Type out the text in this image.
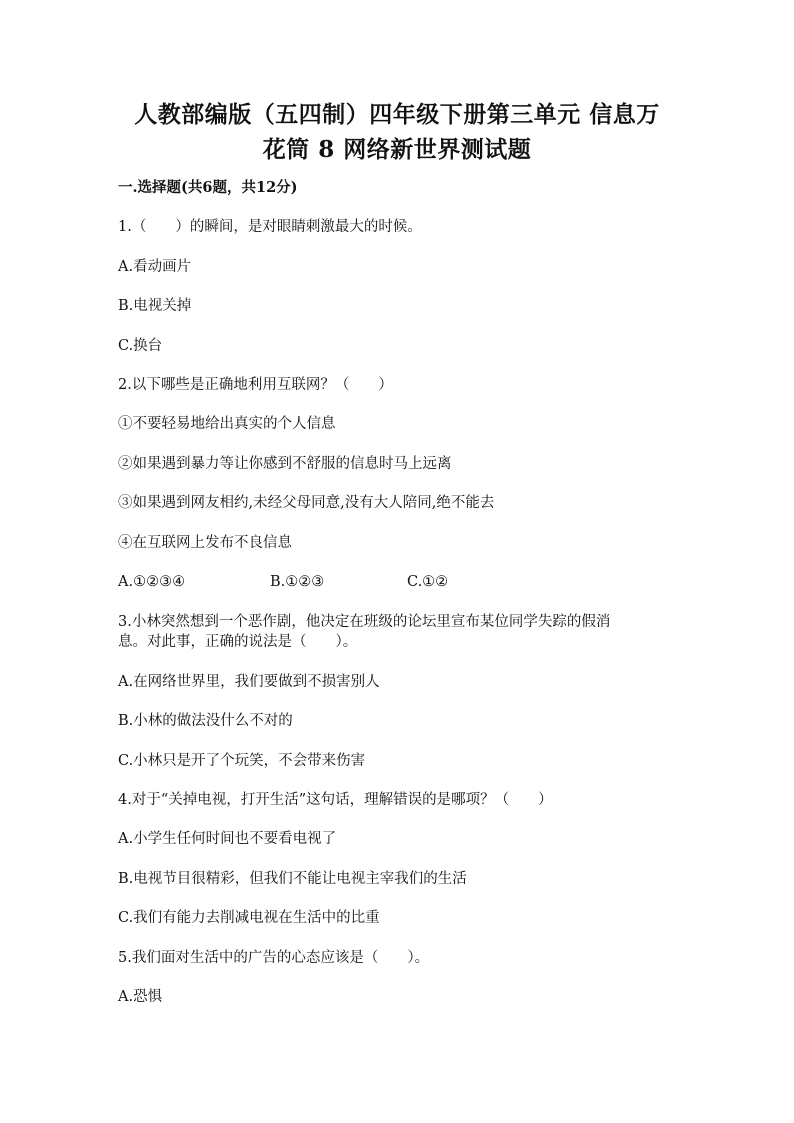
人教部编版（五四制）四年级下册第三单元 信息万
花筒 8 网络新世界测试题
一.选择题(共6题，共12分)
1.（　　）的瞬间，是对眼睛刺激最大的时候。
A.看动画片
B.电视关掉
C.换台
2.以下哪些是正确地利用互联网？（　　）
①不要轻易地给出真实的个人信息
②如果遇到暴力等让你感到不舒服的信息时马上远离
③如果遇到网友相约,未经父母同意,没有大人陪同,绝不能去
④在互联网上发布不良信息
A.①②③④	B.①②③	C.①②
3.小林突然想到一个恶作剧，他决定在班级的论坛里宣布某位同学失踪的假消
息。对此事，正确的说法是（　　）。
A.在网络世界里，我们要做到不损害别人
B.小林的做法没什么不对的
C.小林只是开了个玩笑，不会带来伤害
4.对于“关掉电视，打开生活”这句话，理解错误的是哪项？（　　）
A.小学生任何时间也不要看电视了
B.电视节目很精彩，但我们不能让电视主宰我们的生活
C.我们有能力去削减电视在生活中的比重
5.我们面对生活中的广告的心态应该是（　　）。
A.恐惧
